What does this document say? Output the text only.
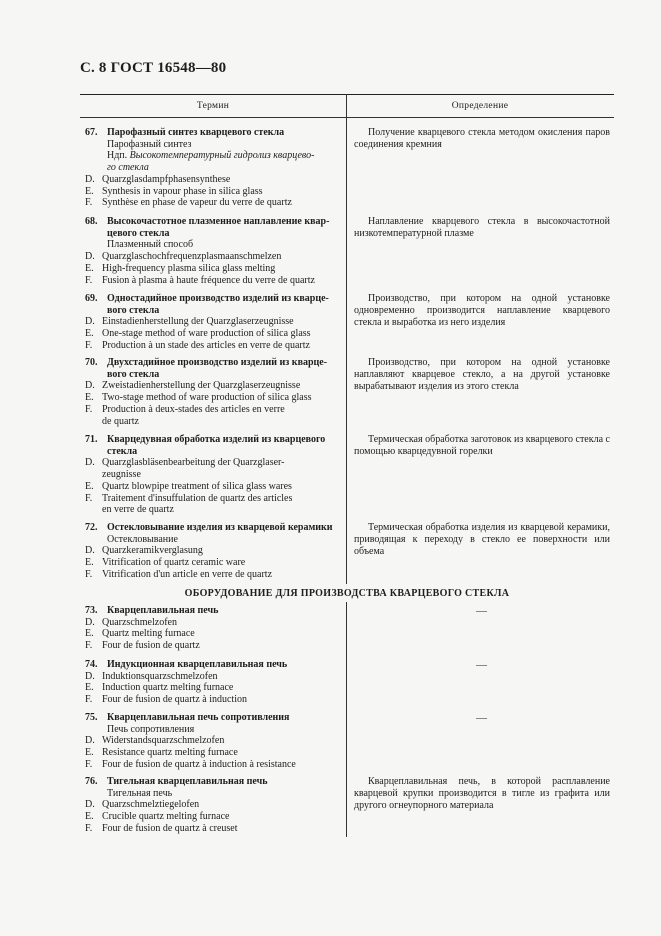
С. 8 ГОСТ 16548—80
Термин	Определение
ОБОРУДОВАНИЕ ДЛЯ ПРОИЗВОДСТВА КВАРЦЕВОГО СТЕКЛА
67. Парофазный синтез кварцевого стекла
Парофазный синтез
Ндп. Высокотемпературный гидролиз кварцево-
го стекла
D. Quarzglasdampfphasensynthese
E. Synthesis in vapour phase in silica glass
F. Synthèse en phase de vapeur du verre de quartz
Получение кварцевого стекла методом окисления паров соединения кремния
68. Высокочастотное плазменное наплавление квар-
цевого стекла
Плазменный способ
D. Quarzglaschochfrequenzplasmaanschmelzen
E. High-frequency plasma silica glass melting
F. Fusion à plasma à haute fréquence du verre de quartz
Наплавление кварцевого стекла в высокочастотной низкотемпературной плазме
69. Одностадийное производство изделий из кварце-
вого стекла
D. Einstadienherstellung der Quarzglaserzeugnisse
E. One-stage method of ware production of silica glass
F. Production à un stade des articles en verre de quartz
Производство, при котором на одной установке одновременно производится наплавление кварцевого стекла и выработка из него изделия
70. Двухстадийное производство изделий из кварце-
вого стекла
D. Zweistadienherstellung der Quarzglaserzeugnisse
E. Two-stage method of ware production of silica glass
F. Production à deux-stades des articles en verre
de quartz
Производство, при котором на одной установке наплавляют кварцевое стекло, а на другой установке вырабатывают изделия из этого стекла
71. Кварцедувная обработка изделий из кварцевого
стекла
D. Quarzglasbläsenbearbeitung der Quarzglaser-
zeugnisse
E. Quartz blowpipe treatment of silica glass wares
F. Traitement d'insuffulation de quartz des articles
en verre de quartz
Термическая обработка заготовок из кварцевого стекла с помощью кварцедувной горелки
72. Остекловывание изделия из кварцевой керамики
Остекловывание
D. Quarzkeramikverglasung
E. Vitrification of quartz ceramic ware
F. Vitrification d'un article en verre de quartz
Термическая обработка изделия из кварцевой керамики, приводящая к переходу в стекло ее поверхности или объема
73. Кварцеплавильная печь
D. Quarzschmelzofen
E. Quartz melting furnace
F. Four de fusion de quartz
—
74. Индукционная кварцеплавильная печь
D. Induktionsquarzschmelzofen
E. Induction quartz melting furnace
F. Four de fusion de quartz à induction
—
75. Кварцеплавильная печь сопротивления
Печь сопротивления
D. Widerstandsquarzschmelzofen
E. Resistance quartz melting furnace
F. Four de fusion de quartz à induction à resistance
—
76. Тигельная кварцеплавильная печь
Тигельная печь
D. Quarzschmelztiegelofen
E. Crucible quartz melting furnace
F. Four de fusion de quartz à creuset
Кварцеплавильная печь, в которой расплавление кварцевой крупки производится в тигле из графита или другого огнеупорного материала
